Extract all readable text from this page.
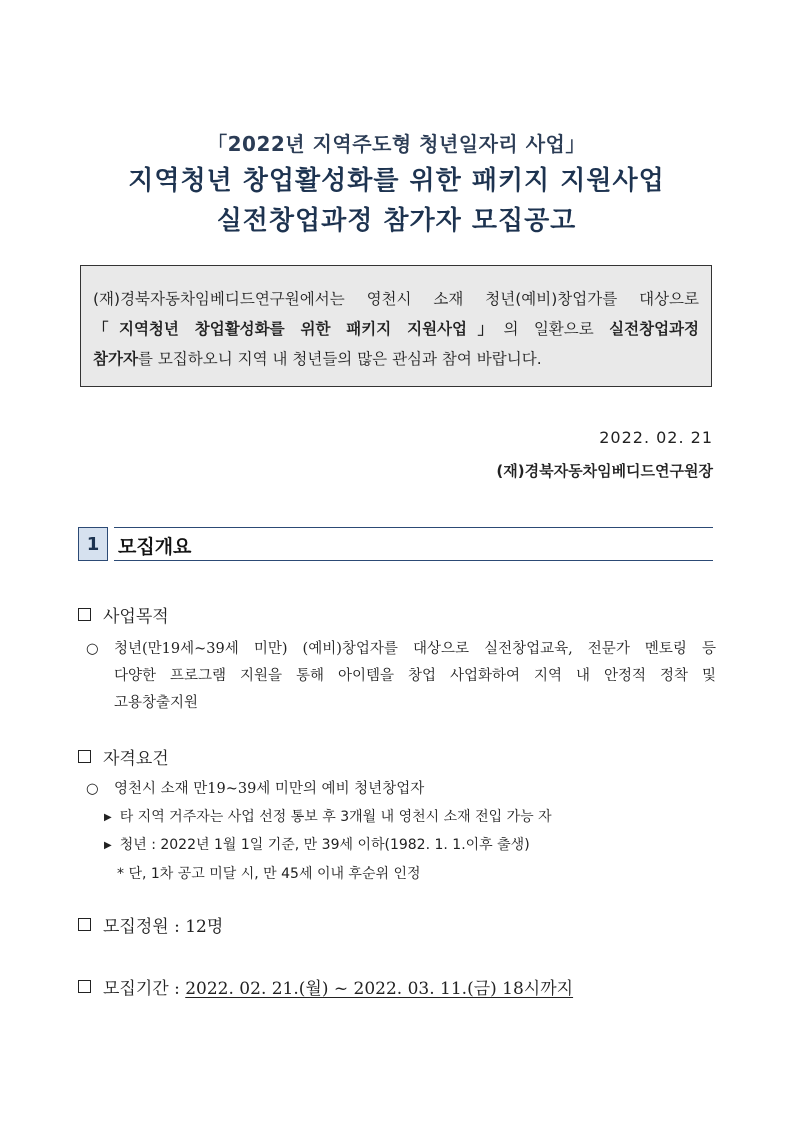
「2022년 지역주도형 청년일자리 사업」
지역청년 창업활성화를 위한 패키지 지원사업
실전창업과정 참가자 모집공고
(재)경북자동차임베디드연구원에서는 영천시 소재 청년(예비)창업가를 대상으로
「지역청년 창업활성화를 위한 패키지 지원사업」의 일환으로 실전창업과정
참가자를 모집하오니 지역 내 청년들의 많은 관심과 참여 바랍니다.
2022. 02. 21
(재)경북자동차임베디드연구원장
1 모집개요
사업목적
○ 청년(만19세~39세 미만) (예비)창업자를 대상으로 실전창업교육, 전문가 멘토링 등
다양한 프로그램 지원을 통해 아이템을 창업 사업화하여 지역 내 안정적 정착 및
고용창출지원
자격요건
○ 영천시 소재 만19~39세 미만의 예비 청년창업자
▶ 타 지역 거주자는 사업 선정 통보 후 3개월 내 영천시 소재 전입 가능 자
▶ 청년 : 2022년 1월 1일 기준, 만 39세 이하(1982. 1. 1.이후 출생)
* 단, 1차 공고 미달 시, 만 45세 이내 후순위 인정
모집정원 : 12명
모집기간 : 2022. 02. 21.(월) ~ 2022. 03. 11.(금) 18시까지
